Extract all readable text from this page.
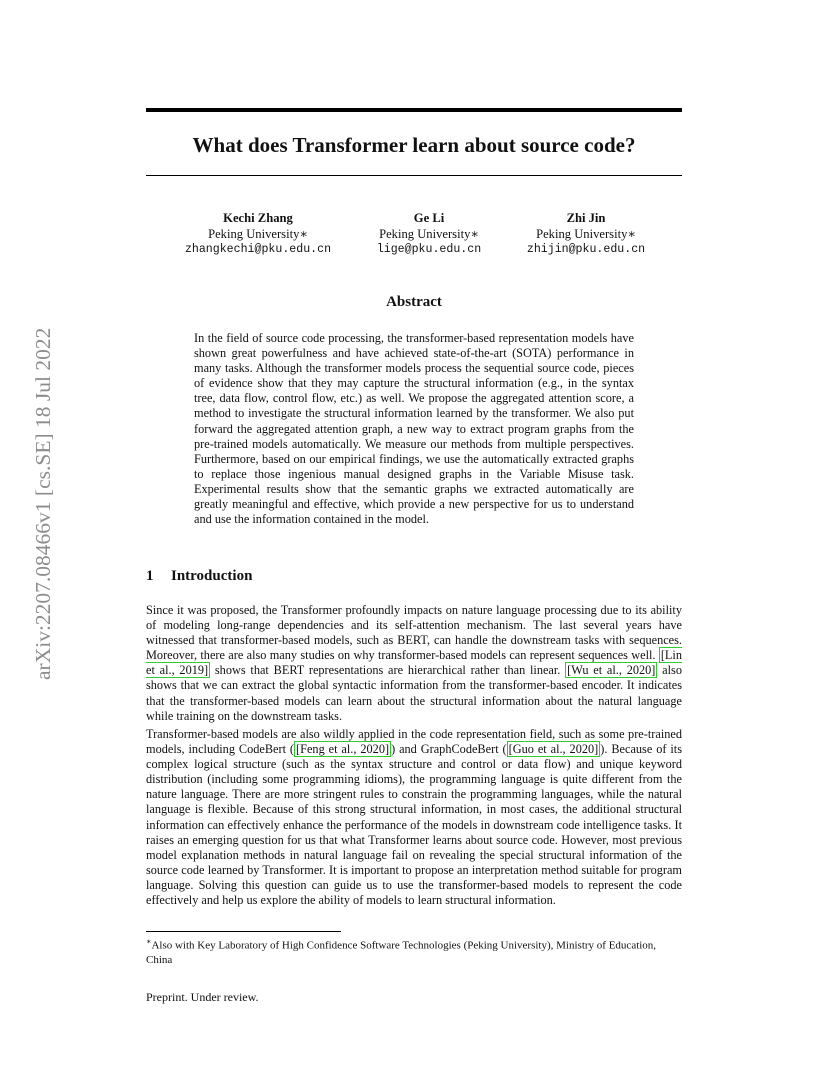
arXiv:2207.08466v1 [cs.SE] 18 Jul 2022
What does Transformer learn about source code?
Kechi Zhang
Peking University∗
zhangkechi@pku.edu.cn
Ge Li
Peking University∗
lige@pku.edu.cn
Zhi Jin
Peking University∗
zhijin@pku.edu.cn
Abstract

In the field of source code processing, the transformer-based representation models have shown great powerfulness and have achieved state-of-the-art (SOTA) performance in many tasks. Although the transformer models process the sequential source code, pieces of evidence show that they may capture the structural information (e.g., in the syntax tree, data flow, control flow, etc.) as well. We propose the aggregated attention score, a method to investigate the structural information learned by the transformer. We also put forward the aggregated attention graph, a new way to extract program graphs from the pre-trained models automatically. We measure our methods from multiple perspectives. Furthermore, based on our empirical findings, we use the automatically extracted graphs to replace those ingenious manual designed graphs in the Variable Misuse task. Experimental results show that the semantic graphs we extracted automatically are greatly meaningful and effective, which provide a new perspective for us to understand and use the information contained in the model.

1 Introduction

Since it was proposed, the Transformer profoundly impacts on nature language processing due to its ability of modeling long-range dependencies and its self-attention mechanism. The last several years have witnessed that transformer-based models, such as BERT, can handle the downstream tasks with sequences. Moreover, there are also many studies on why transformer-based models can represent sequences well. [Lin et al., 2019] shows that BERT representations are hierarchical rather than linear. [Wu et al., 2020] also shows that we can extract the global syntactic information from the transformer-based encoder. It indicates that the transformer-based models can learn about the structural information about the natural language while training on the downstream tasks.

Transformer-based models are also wildly applied in the code representation field, such as some pre-trained models, including CodeBert ( [Feng et al., 2020] ) and GraphCodeBert ( [Guo et al., 2020] ). Because of its complex logical structure (such as the syntax structure and control or data flow) and unique keyword distribution (including some programming idioms), the programming language is quite different from the nature language. There are more stringent rules to constrain the programming languages, while the natural language is flexible. Because of this strong structural information, in most cases, the additional structural information can effectively enhance the performance of the models in downstream code intelligence tasks. It raises an emerging question for us that what Transformer learns about source code. However, most previous model explanation methods in natural language fail on revealing the special structural information of the source code learned by Transformer. It is important to propose an interpretation method suitable for program language. Solving this question can guide us to use the transformer-based models to represent the code effectively and help us explore the ability of models to learn structural information.

∗Also with Key Laboratory of High Confidence Software Technologies (Peking University), Ministry of Education, China

Preprint. Under review.
